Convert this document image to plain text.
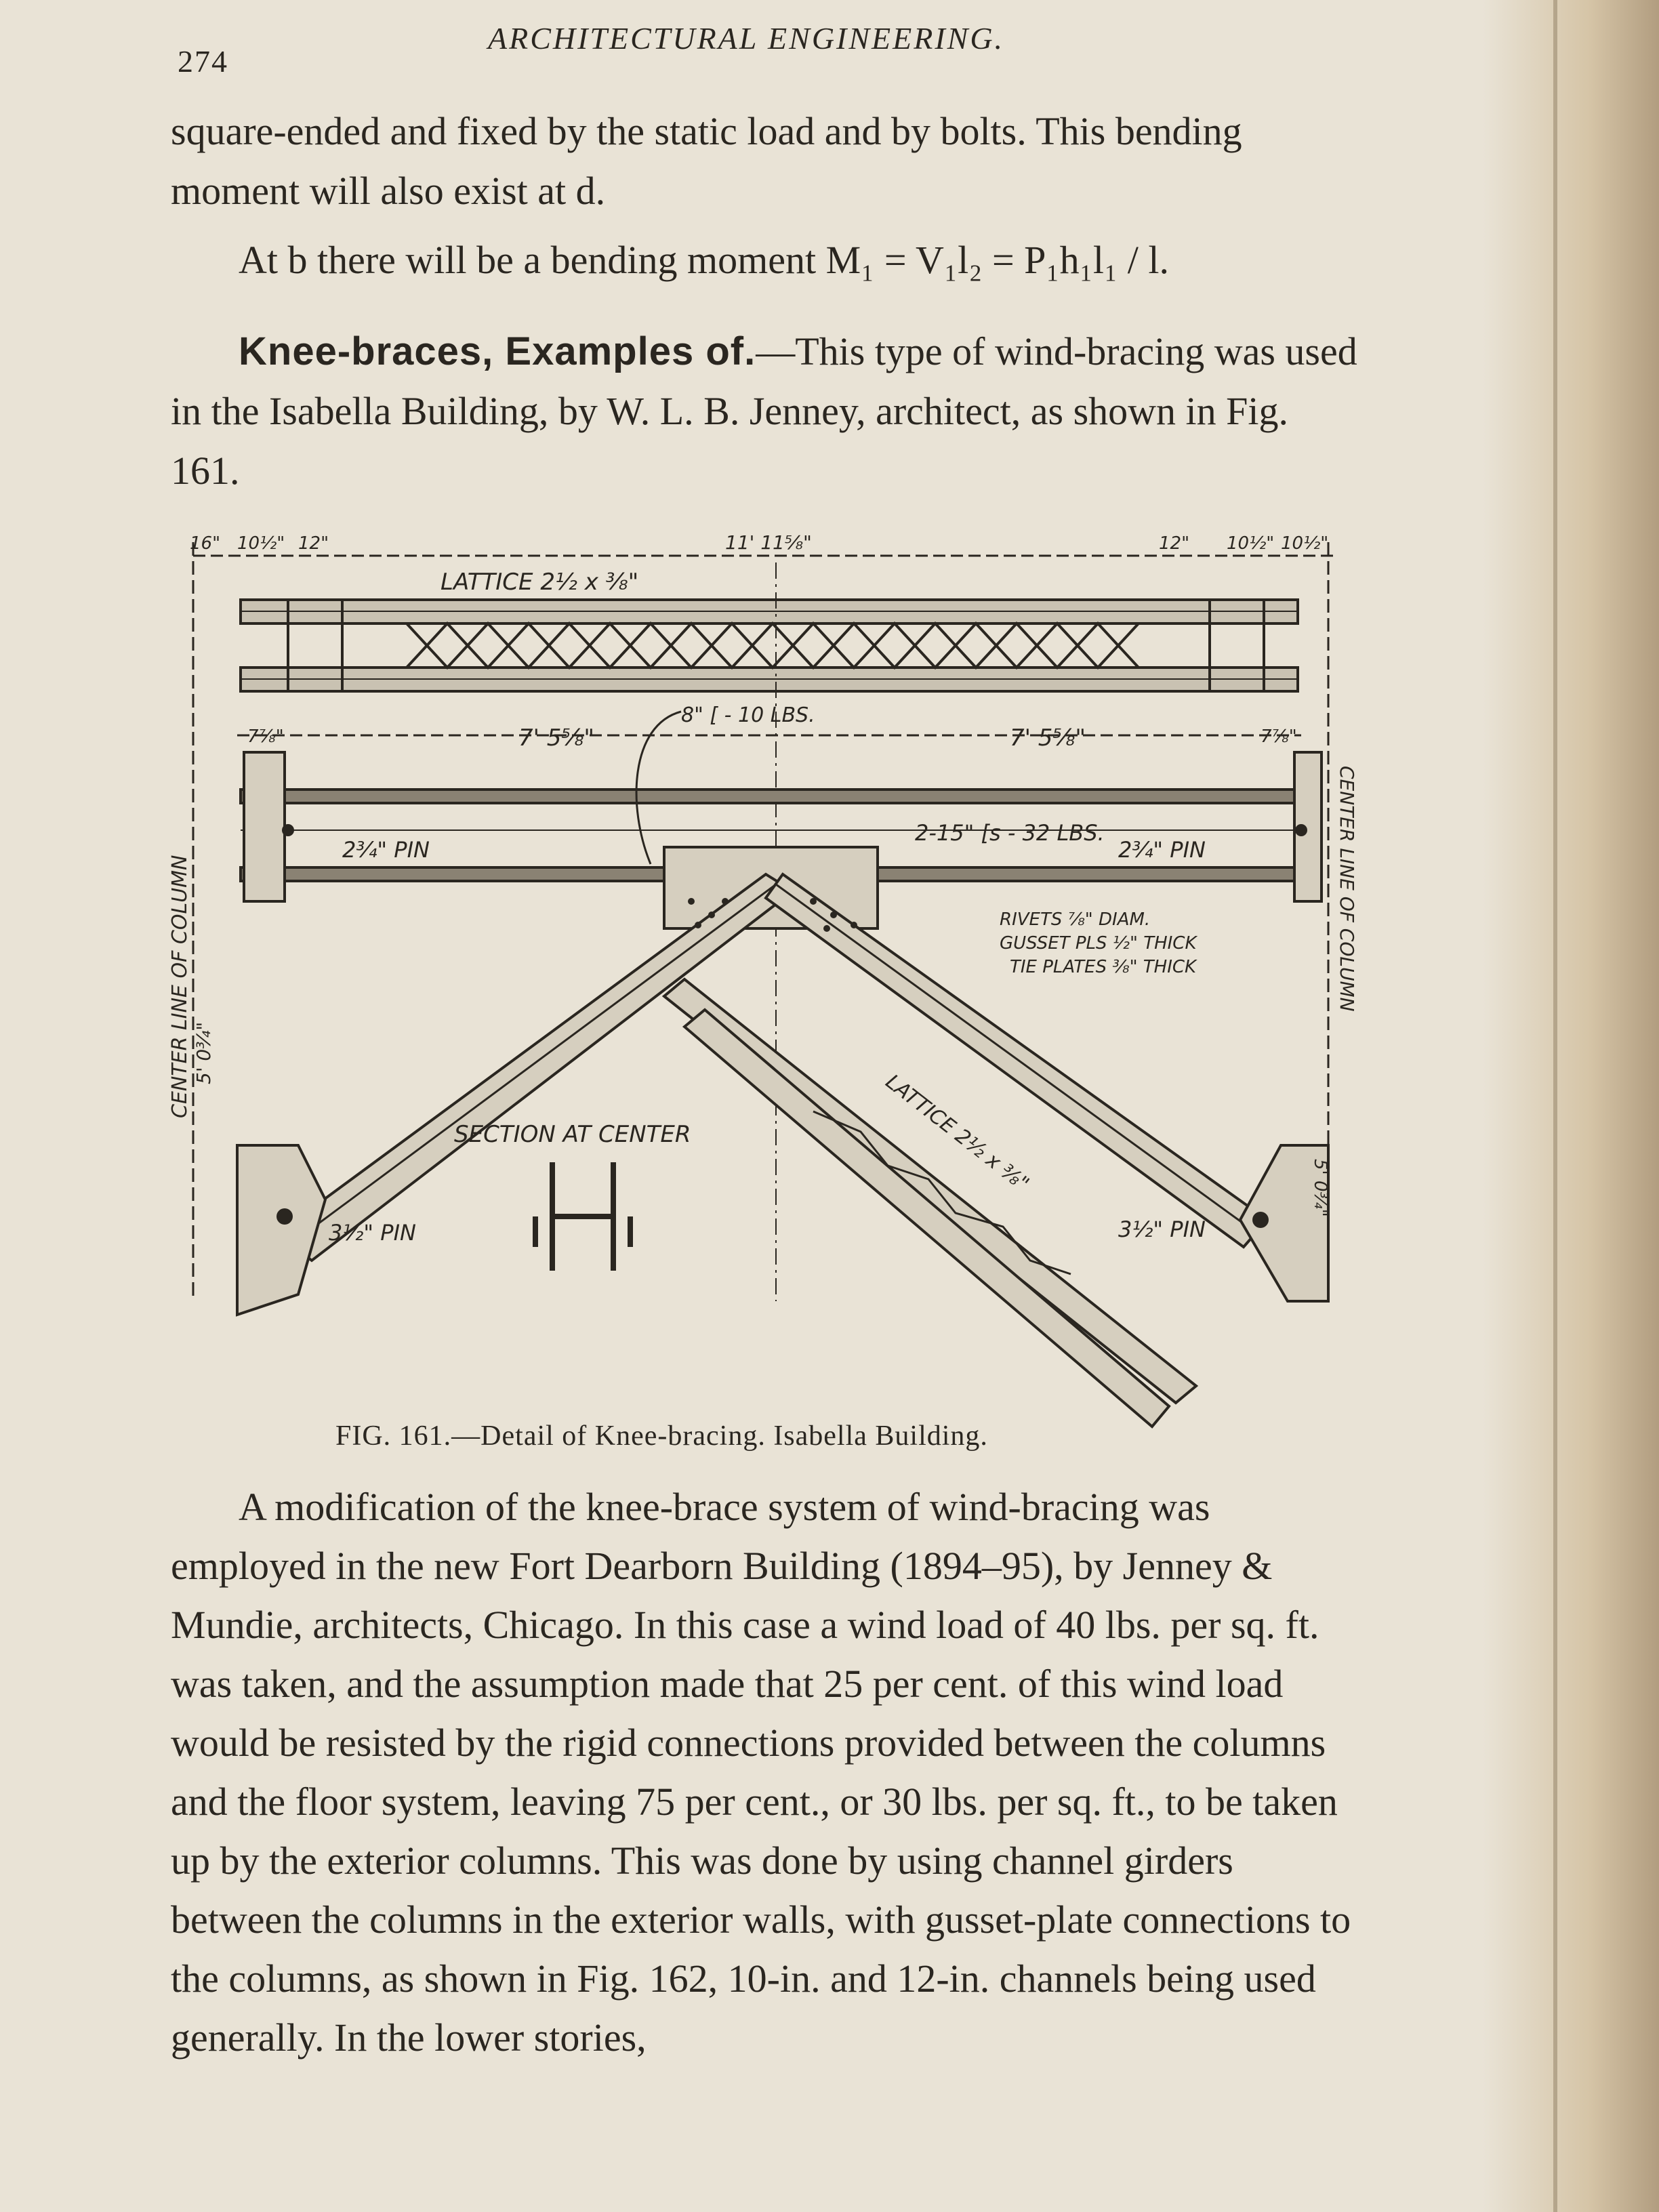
274
ARCHITECTURAL ENGINEERING.

square-ended and fixed by the static load and by bolts. This bending moment will also exist at d.

At b there will be a bending moment M₁ = V₁l₂ = P₁h₁l₁ / l.

Knee-braces, Examples of.—This type of wind-bracing was used in the Isabella Building, by W. L. B. Jenney, architect, as shown in Fig. 161.

16" 10½" 12"	11' 11⅝"	12" 10½" 10½"
LATTICE 2½ x ⅜"
7' 5⅝"	7' 5⅝"
7⅞"	7⅞"
8" [ - 10 LBS.
2¾" PIN	2¾" PIN
2-15" [s - 32 LBS.
RIVETS ⅞" DIAM.
GUSSET PLS ½" THICK
TIE PLATES ⅜" THICK
CENTER LINE OF COLUMN	CENTER LINE OF COLUMN
5' 0¾"
5' 0¾"
SECTION AT CENTER	LATTICE 2½ x ⅜"
3½" PIN	3½" PIN
FIG. 161.—Detail of Knee-bracing. Isabella Building.

A modification of the knee-brace system of wind-bracing was employed in the new Fort Dearborn Building (1894–95), by Jenney & Mundie, architects, Chicago. In this case a wind load of 40 lbs. per sq. ft. was taken, and the assumption made that 25 per cent. of this wind load would be resisted by the rigid connections provided between the columns and the floor system, leaving 75 per cent., or 30 lbs. per sq. ft., to be taken up by the exterior columns. This was done by using channel girders between the columns in the exterior walls, with gusset-plate connections to the columns, as shown in Fig. 162, 10-in. and 12-in. channels being used generally. In the lower stories,
